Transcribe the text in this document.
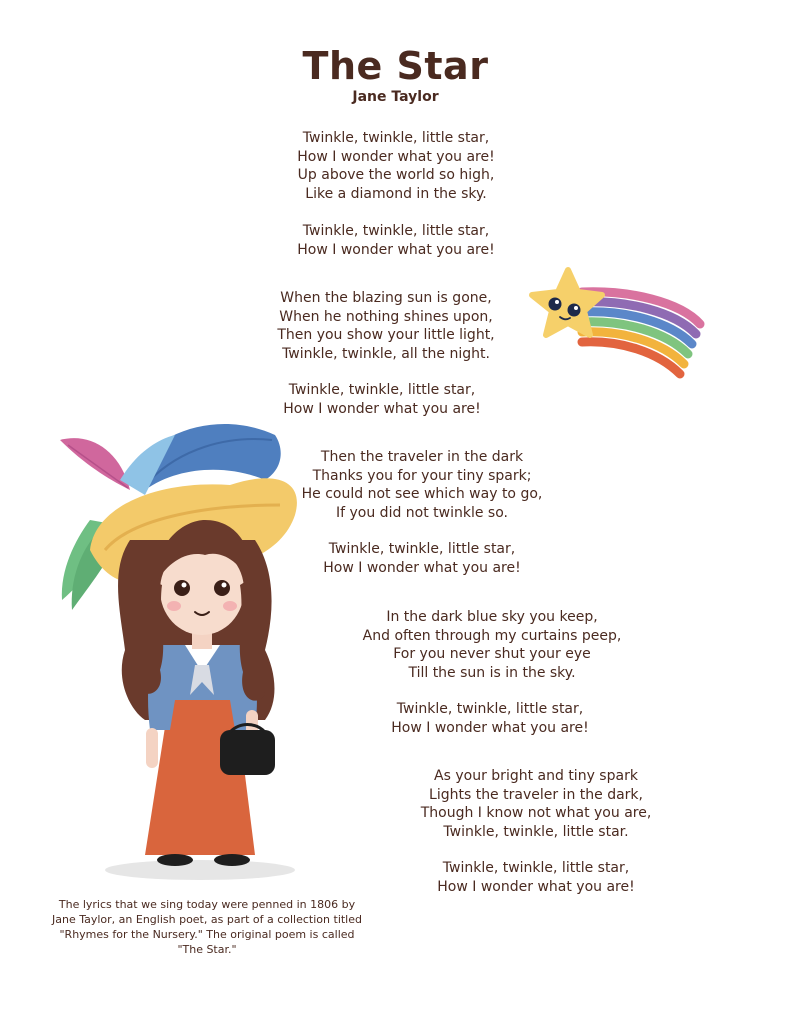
The Star
Jane Taylor
Twinkle, twinkle, little star,
How I wonder what you are!
Up above the world so high,
Like a diamond in the sky.
Twinkle, twinkle, little star,
How I wonder what you are!
When the blazing sun is gone,
When he nothing shines upon,
Then you show your little light,
Twinkle, twinkle, all the night.
Twinkle, twinkle, little star,
How I wonder what you are!
Then the traveler in the dark
Thanks you for your tiny spark;
He could not see which way to go,
If you did not twinkle so.
Twinkle, twinkle, little star,
How I wonder what you are!
In the dark blue sky you keep,
And often through my curtains peep,
For you never shut your eye
Till the sun is in the sky.
Twinkle, twinkle, little star,
How I wonder what you are!
As your bright and tiny spark
Lights the traveler in the dark,
Though I know not what you are,
Twinkle, twinkle, little star.
Twinkle, twinkle, little star,
How I wonder what you are!
The lyrics that we sing today were penned in 1806 by Jane Taylor, an English poet, as part of a collection titled "Rhymes for the Nursery." The original poem is called "The Star."
